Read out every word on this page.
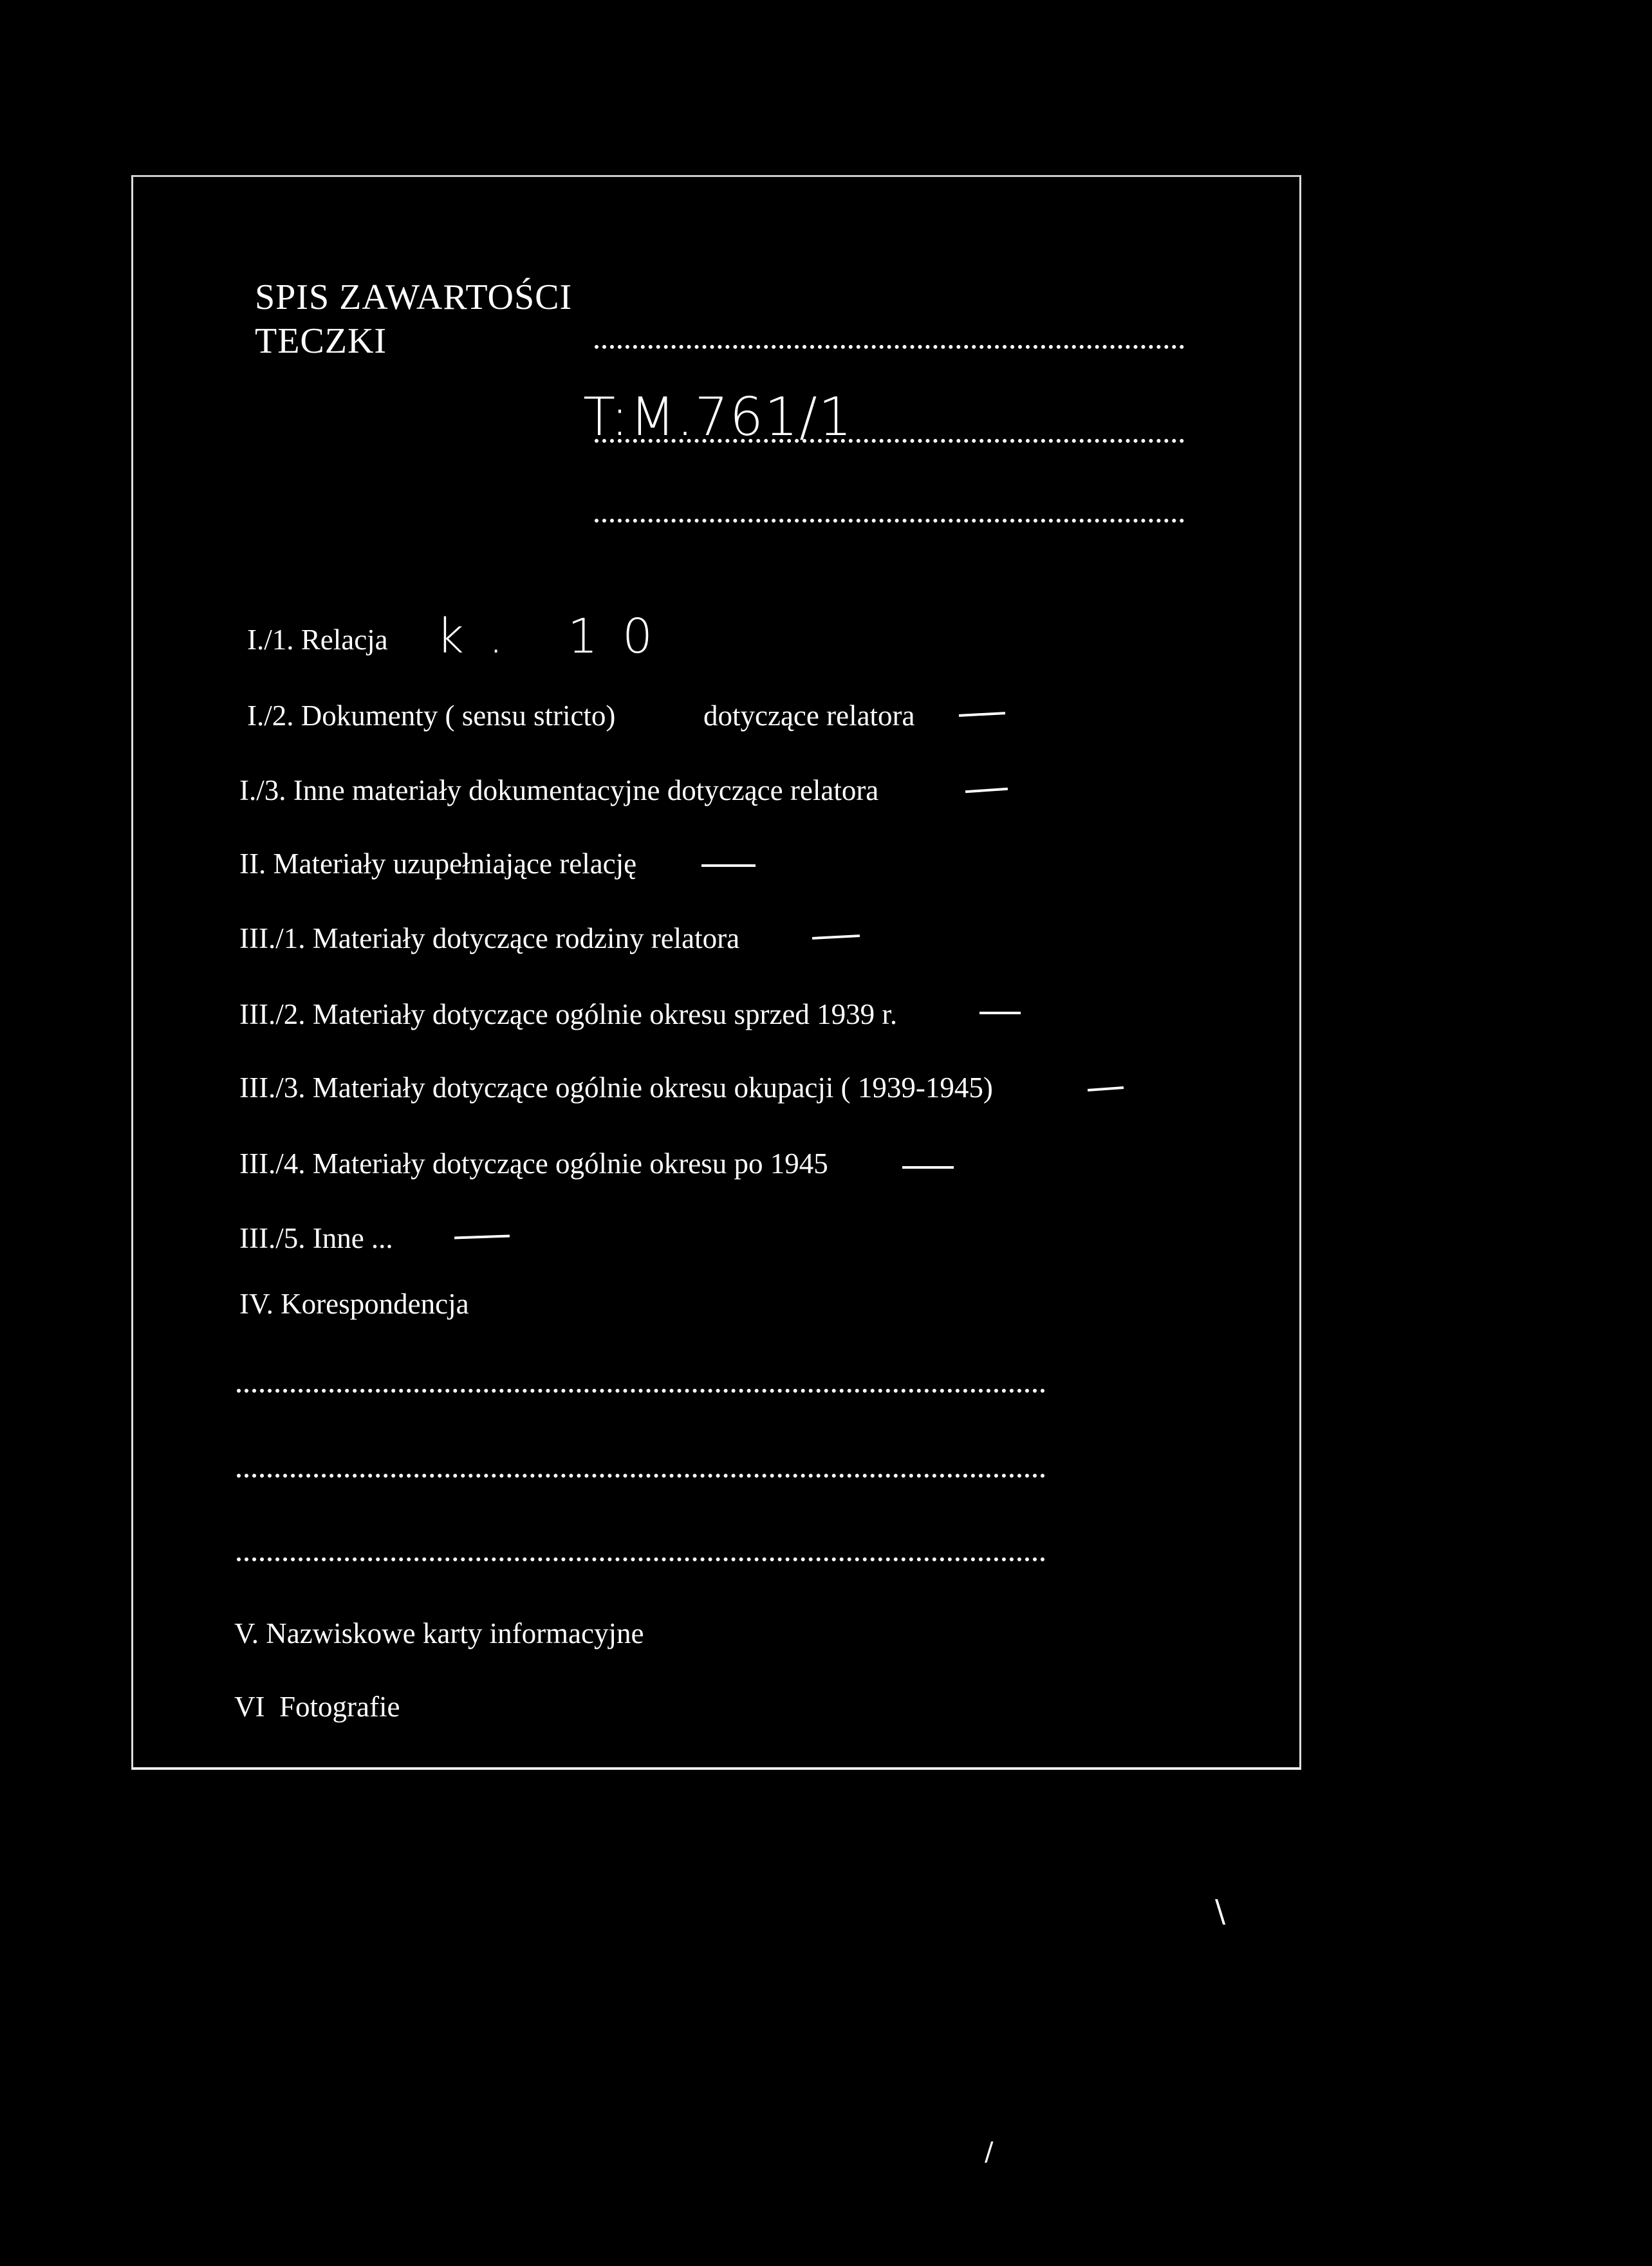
SPIS ZAWARTOŚCI
TECZKI
T:M.761/1
I./1. Relacja k. 10
I./2. Dokumenty ( sensu stricto)	dotyczące relatora
I./3. Inne materiały dokumentacyjne dotyczące relatora
II. Materiały uzupełniające relację
III./1. Materiały dotyczące rodziny relatora
III./2. Materiały dotyczące ogólnie okresu sprzed 1939 r.
III./3. Materiały dotyczące ogólnie okresu okupacji ( 1939-1945)
III./4. Materiały dotyczące ogólnie okresu po 1945
III./5. Inne ...
IV. Korespondencja
V. Nazwiskowe karty informacyjne
VI  Fotografie
\
/
